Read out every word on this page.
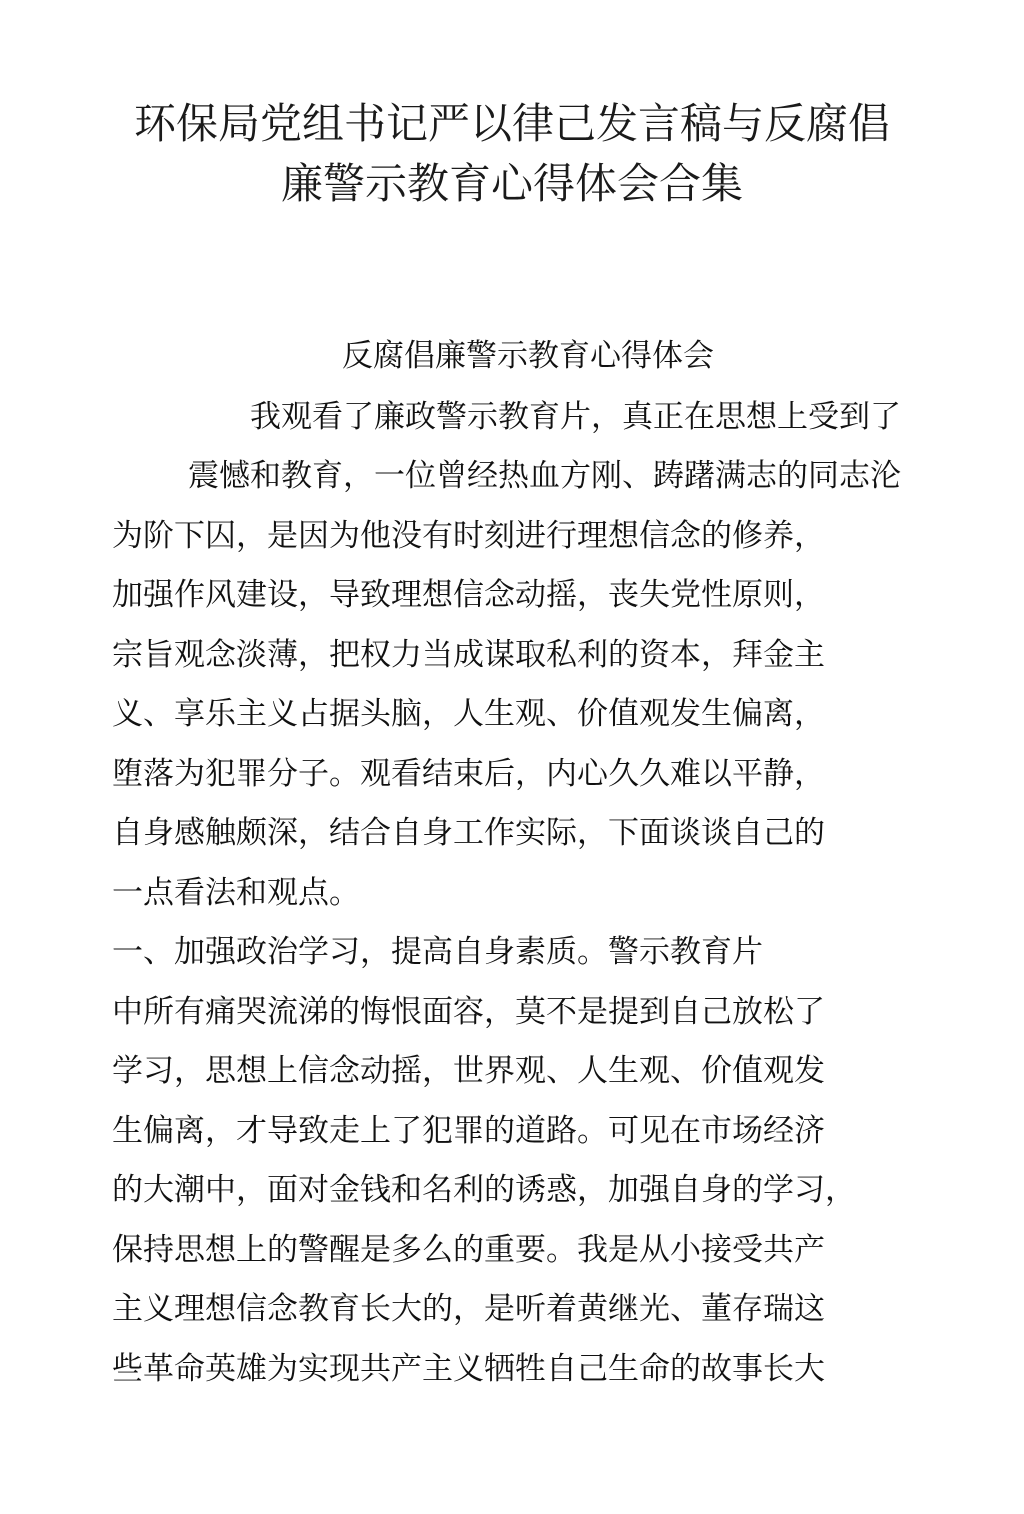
环保局党组书记严以律己发言稿与反腐倡
廉警示教育心得体会合集
反腐倡廉警示教育心得体会
我观看了廉政警示教育片，真正在思想上受到了
震憾和教育，一位曾经热血方刚、踌躇满志的同志沦
为阶下囚，是因为他没有时刻进行理想信念的修养，
加强作风建设，导致理想信念动摇，丧失党性原则，
宗旨观念淡薄，把权力当成谋取私利的资本，拜金主
义、享乐主义占据头脑，人生观、价值观发生偏离，
堕落为犯罪分子。观看结束后，内心久久难以平静，
自身感触颇深，结合自身工作实际，下面谈谈自己的
一点看法和观点。
一、加强政治学习，提高自身素质。警示教育片
中所有痛哭流涕的悔恨面容，莫不是提到自己放松了
学习，思想上信念动摇，世界观、人生观、价值观发
生偏离，才导致走上了犯罪的道路。可见在市场经济
的大潮中，面对金钱和名利的诱惑，加强自身的学习，
保持思想上的警醒是多么的重要。我是从小接受共产
主义理想信念教育长大的，是听着黄继光、董存瑞这
些革命英雄为实现共产主义牺牲自己生命的故事长大
